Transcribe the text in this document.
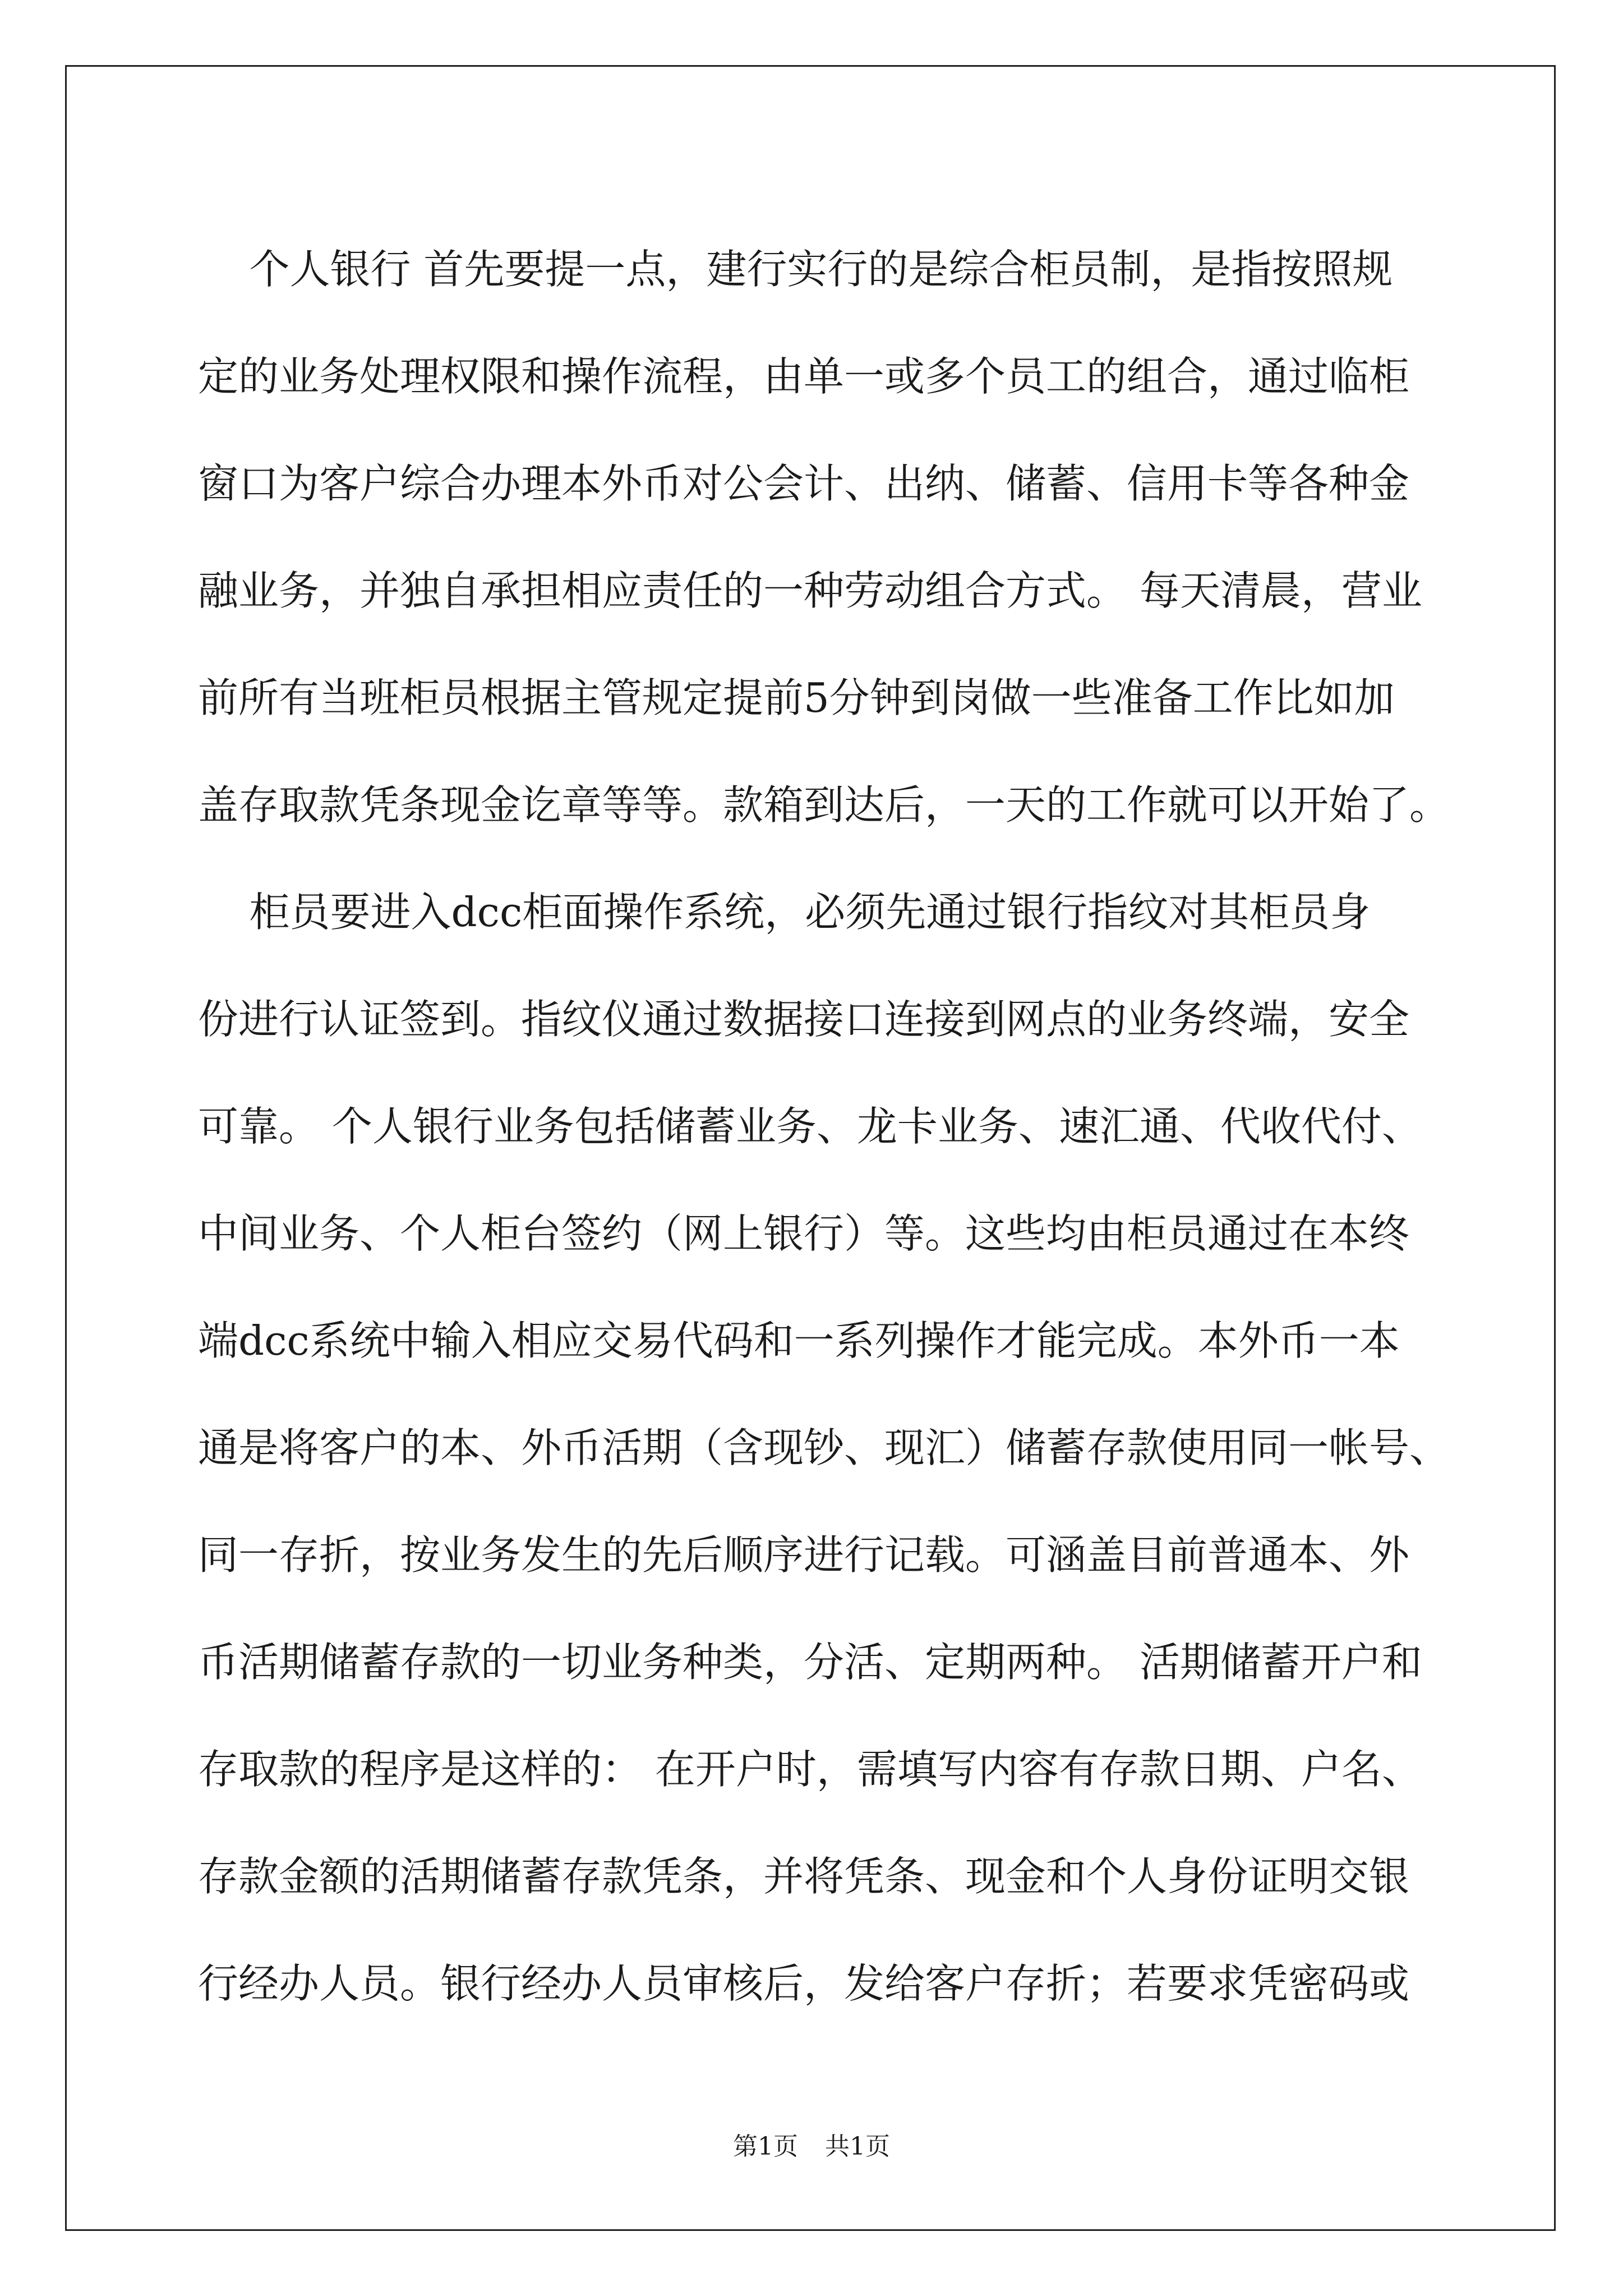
个人银行 首先要提一点，建行实行的是综合柜员制，是指按照规
定的业务处理权限和操作流程，由单一或多个员工的组合，通过临柜
窗口为客户综合办理本外币对公会计、出纳、储蓄、信用卡等各种金
融业务，并独自承担相应责任的一种劳动组合方式。 每天清晨，营业
前所有当班柜员根据主管规定提前5分钟到岗做一些准备工作比如加
盖存取款凭条现金讫章等等。款箱到达后，一天的工作就可以开始了。
柜员要进入dcc柜面操作系统，必须先通过银行指纹对其柜员身
份进行认证签到。指纹仪通过数据接口连接到网点的业务终端，安全
可靠。 个人银行业务包括储蓄业务、龙卡业务、速汇通、代收代付、
中间业务、个人柜台签约（网上银行）等。这些均由柜员通过在本终
端dcc系统中输入相应交易代码和一系列操作才能完成。本外币一本
通是将客户的本、外币活期（含现钞、现汇）储蓄存款使用同一帐号、
同一存折，按业务发生的先后顺序进行记载。可涵盖目前普通本、外
币活期储蓄存款的一切业务种类，分活、定期两种。 活期储蓄开户和
存取款的程序是这样的： 在开户时，需填写内容有存款日期、户名、
存款金额的活期储蓄存款凭条，并将凭条、现金和个人身份证明交银
行经办人员。银行经办人员审核后，发给客户存折；若要求凭密码或
第1页 共1页
